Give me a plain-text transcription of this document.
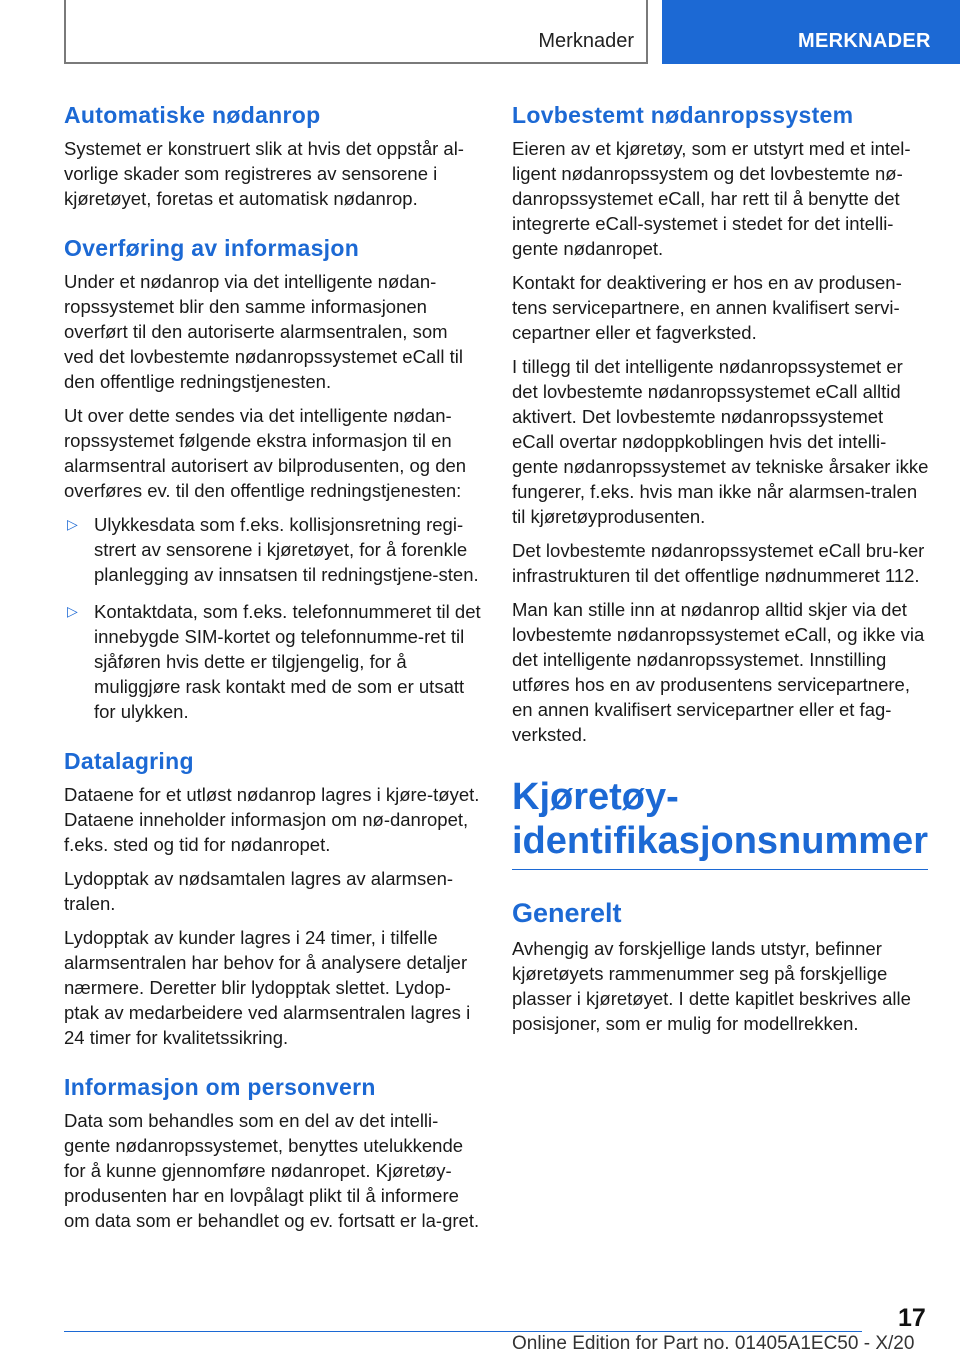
Merknader	MERKNADER
Automatiske nødanrop

Systemet er konstruert slik at hvis det oppstår al-vorlige skader som registreres av sensorene i kjøretøyet, foretas et automatisk nødanrop.

Overføring av informasjon

Under et nødanrop via det intelligente nødan-ropssystemet blir den samme informasjonen overført til den autoriserte alarmsentralen, som ved det lovbestemte nødanropssystemet eCall til den offentlige redningstjenesten.

Ut over dette sendes via det intelligente nødan-ropssystemet følgende ekstra informasjon til en alarmsentral autorisert av bilprodusenten, og den overføres ev. til den offentlige redningstjenesten:

▷ Ulykkesdata som f.eks. kollisjonsretning regi-strert av sensorene i kjøretøyet, for å forenkle planlegging av innsatsen til redningstjene-sten.
▷ Kontaktdata, som f.eks. telefonnummeret til det innebygde SIM-kortet og telefonnumme-ret til sjåføren hvis dette er tilgjengelig, for å muliggjøre rask kontakt med de som er utsatt for ulykken.
Datalagring

Dataene for et utløst nødanrop lagres i kjøre-tøyet. Dataene inneholder informasjon om nø-danropet, f.eks. sted og tid for nødanropet.

Lydopptak av nødsamtalen lagres av alarmsen-tralen.

Lydopptak av kunder lagres i 24 timer, i tilfelle alarmsentralen har behov for å analysere detaljer nærmere. Deretter blir lydopptak slettet. Lydop-ptak av medarbeidere ved alarmsentralen lagres i 24 timer for kvalitetssikring.

Informasjon om personvern

Data som behandles som en del av det intelli-gente nødanropssystemet, benyttes utelukkende for å kunne gjennomføre nødanropet. Kjøretøy-produsenten har en lovpålagt plikt til å informere om data som er behandlet og ev. fortsatt er la-gret.

Lovbestemt nødanropssystem

Eieren av et kjøretøy, som er utstyrt med et intel-ligent nødanropssystem og det lovbestemte nø-danropssystemet eCall, har rett til å benytte det integrerte eCall-systemet i stedet for det intelli-gente nødanropet.

Kontakt for deaktivering er hos en av produsen-tens servicepartnere, en annen kvalifisert servi-cepartner eller et fagverksted.

I tillegg til det intelligente nødanropssystemet er det lovbestemte nødanropssystemet eCall alltid aktivert. Det lovbestemte nødanropssystemet eCall overtar nødoppkoblingen hvis det intelli-gente nødanropssystemet av tekniske årsaker ikke fungerer, f.eks. hvis man ikke når alarmsen-tralen til kjøretøyprodusenten.

Det lovbestemte nødanropssystemet eCall bru-ker infrastrukturen til det offentlige nødnummeret 112.

Man kan stille inn at nødanrop alltid skjer via det lovbestemte nødanropssystemet eCall, og ikke via det intelligente nødanropssystemet. Innstilling utføres hos en av produsentens servicepartnere, en annen kvalifisert servicepartner eller et fag-verksted.

Kjøretøy-
identifikasjonsnummer
Generelt

Avhengig av forskjellige lands utstyr, befinner kjøretøyets rammenummer seg på forskjellige plasser i kjøretøyet. I dette kapitlet beskrives alle posisjoner, som er mulig for modellrekken.

17
Online Edition for Part no. 01405A1EC50 - X/20
